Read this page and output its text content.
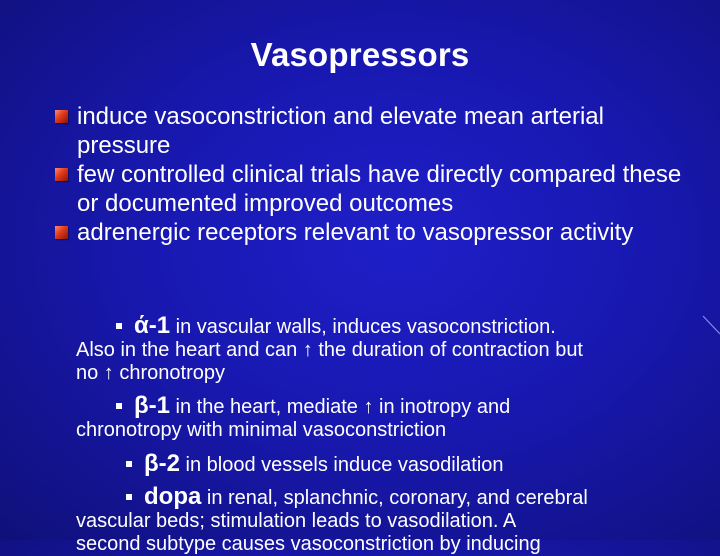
Vasopressors
induce vasoconstriction and elevate mean arterial pressure
few controlled clinical trials have directly compared these or documented improved outcomes
adrenergic receptors relevant to vasopressor activity
ά-1 in vascular walls, induces vasoconstriction.
Also in the heart and can ↑ the duration of contraction but
no ↑ chronotropy
β-1 in the heart, mediate ↑ in inotropy and
chronotropy with minimal vasoconstriction
β-2 in blood vessels induce vasodilation
dopa in renal, splanchnic, coronary, and cerebral
vascular beds; stimulation leads to vasodilation. A
second subtype causes vasoconstriction by inducing
